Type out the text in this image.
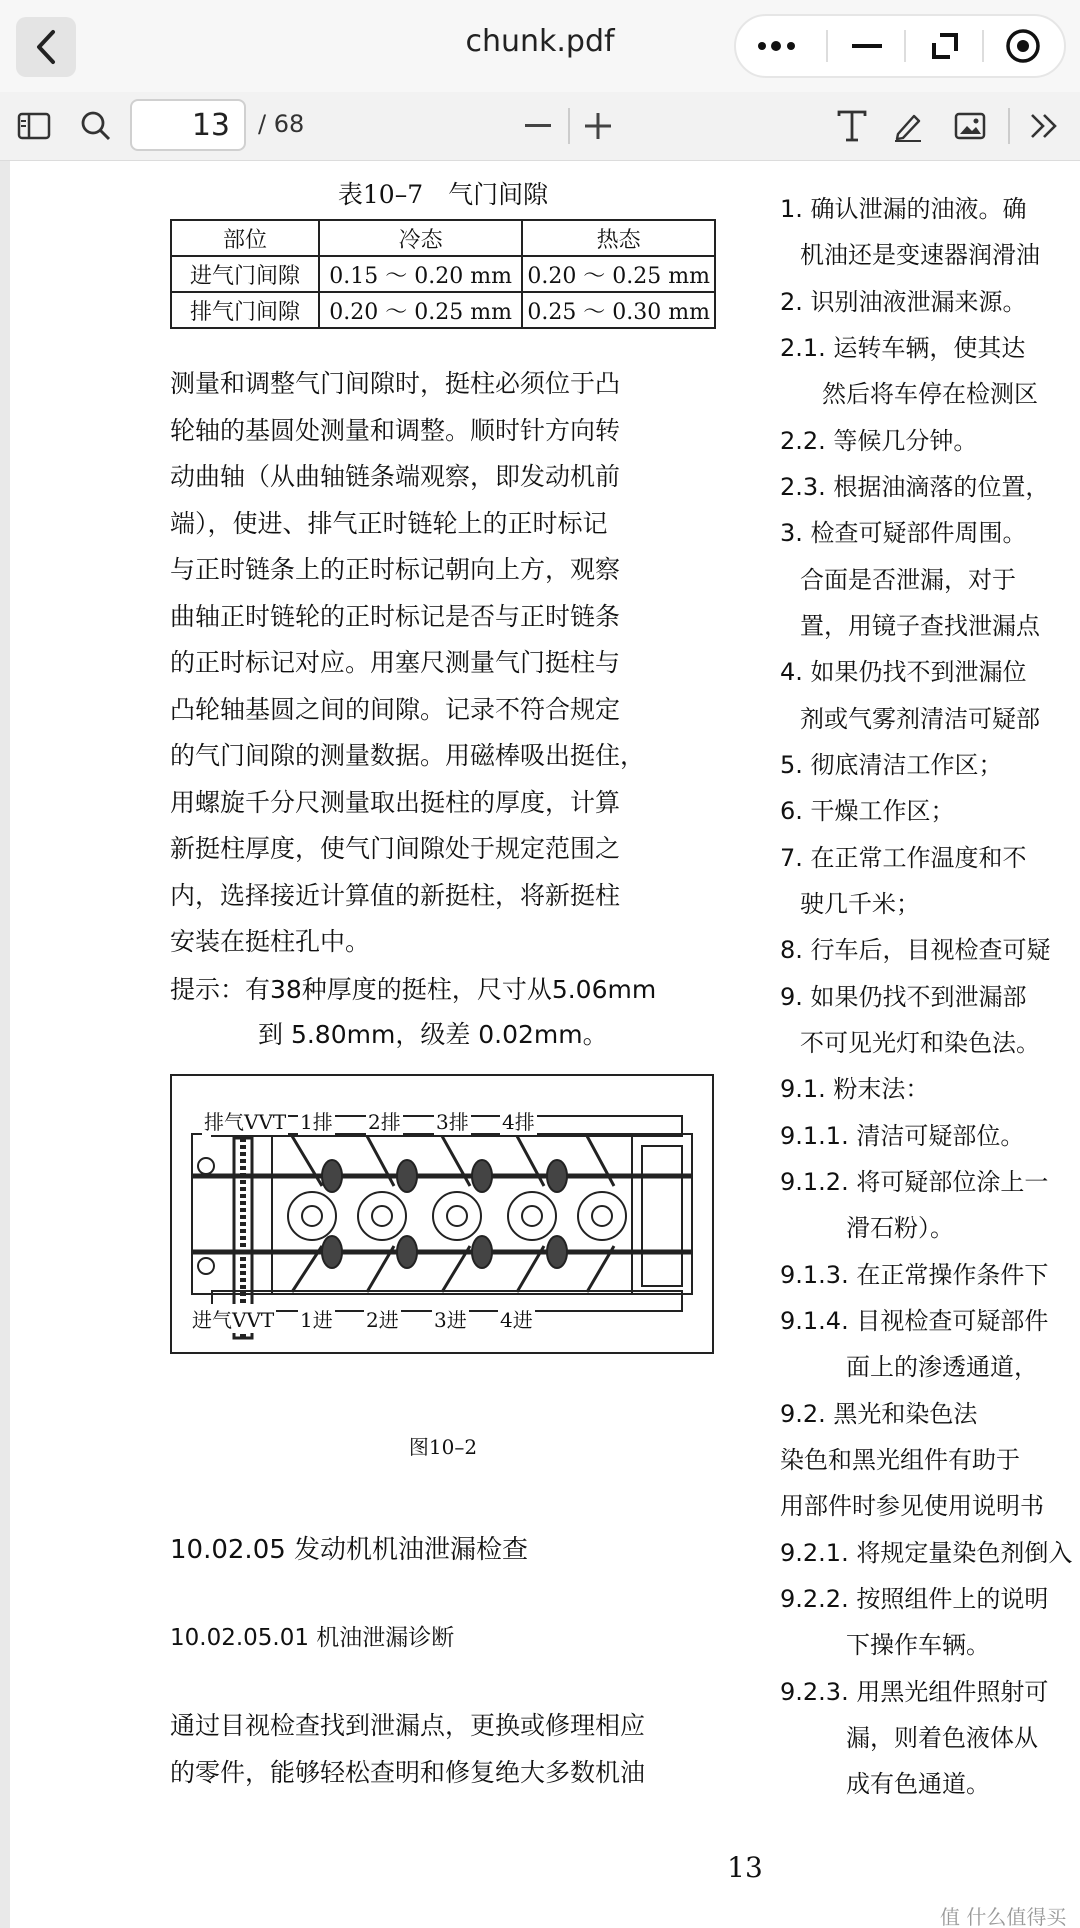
chunk.pdf
13
/ 68
表10–7　气门间隙
部位	冷态	热态
进气门间隙	0.15 ～ 0.20 mm	0.20 ～ 0.25 mm
排气门间隙	0.20 ～ 0.25 mm	0.25 ～ 0.30 mm
测量和调整气门间隙时，挺柱必须位于凸
轮轴的基圆处测量和调整。顺时针方向转
动曲轴（从曲轴链条端观察，即发动机前
端），使进、排气正时链轮上的正时标记
与正时链条上的正时标记朝向上方，观察
曲轴正时链轮的正时标记是否与正时链条
的正时标记对应。用塞尺测量气门挺柱与
凸轮轴基圆之间的间隙。记录不符合规定
的气门间隙的测量数据。用磁棒吸出挺住，
用螺旋千分尺测量取出挺柱的厚度，计算
新挺柱厚度，使气门间隙处于规定范围之
内，选择接近计算值的新挺柱，将新挺柱
安装在挺柱孔中。
提示：有38种厚度的挺柱，尺寸从5.06mm
到 5.80mm，级差 0.02mm。
排气VVT 1排 2排 3排 4排
进气VVT 1进 2进 3进 4进
图10–2
10.02.05 发动机机油泄漏检查
10.02.05.01 机油泄漏诊断
通过目视检查找到泄漏点，更换或修理相应
的零件，能够轻松查明和修复绝大多数机油
1. 确认泄漏的油液。确
机油还是变速器润滑油
2. 识别油液泄漏来源。
2.1. 运转车辆，使其达
然后将车停在检测区
2.2. 等候几分钟。
2.3. 根据油滴落的位置，
3. 检查可疑部件周围。
合面是否泄漏，对于
置，用镜子查找泄漏点
4. 如果仍找不到泄漏位
剂或气雾剂清洁可疑部
5. 彻底清洁工作区；
6. 干燥工作区；
7. 在正常工作温度和不
驶几千米；
8. 行车后，目视检查可疑
9. 如果仍找不到泄漏部
不可见光灯和染色法。
9.1. 粉末法：
9.1.1. 清洁可疑部位。
9.1.2. 将可疑部位涂上一
滑石粉）。
9.1.3. 在正常操作条件下
9.1.4. 目视检查可疑部件
面上的渗透通道，
9.2. 黑光和染色法
染色和黑光组件有助于
用部件时参见使用说明书
9.2.1. 将规定量染色剂倒入
9.2.2. 按照组件上的说明
下操作车辆。
9.2.3. 用黑光组件照射可
漏，则着色液体从
成有色通道。
13
值 什么值得买
